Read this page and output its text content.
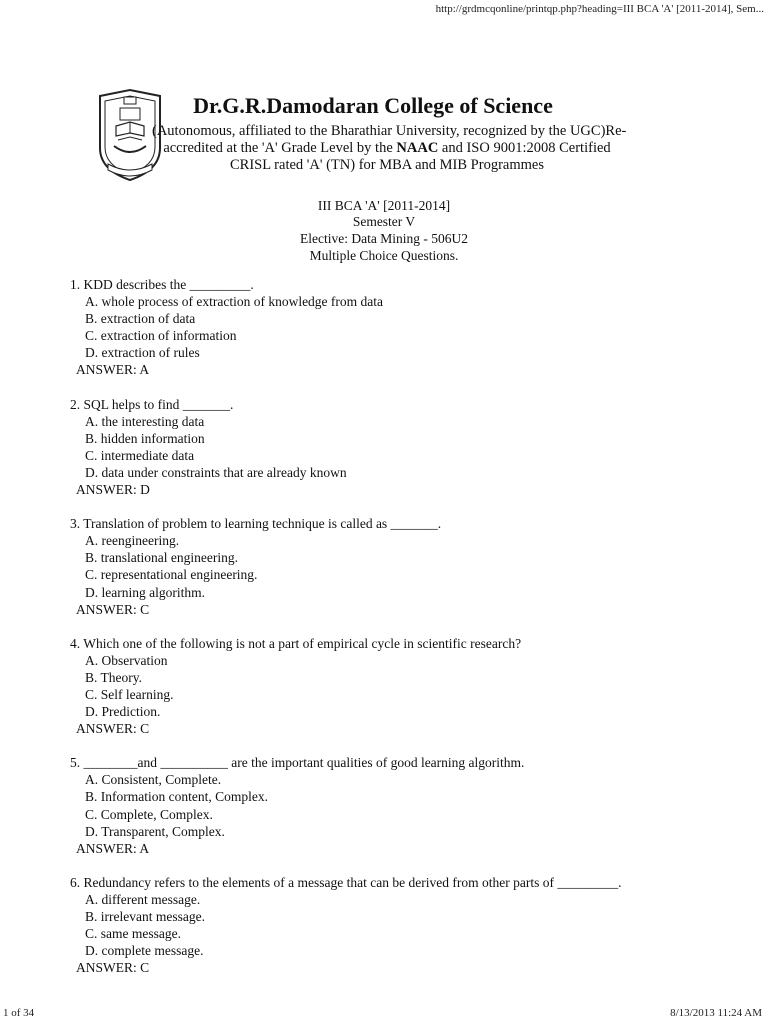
http://grdmcqonline/printqp.php?heading=III BCA 'A' [2011-2014], Sem...
Dr.G.R.Damodaran College of Science
(Autonomous, affiliated to the Bharathiar University, recognized by the UGC)Re-
accredited at the 'A' Grade Level by the NAAC and ISO 9001:2008 Certified
CRISL rated 'A' (TN) for MBA and MIB Programmes
III BCA 'A' [2011-2014]
Semester V
Elective: Data Mining - 506U2
Multiple Choice Questions.
1. KDD describes the _________.
A. whole process of extraction of knowledge from data
B. extraction of data
C. extraction of information
D. extraction of rules
ANSWER: A
2. SQL helps to find _______.
A. the interesting data
B. hidden information
C. intermediate data
D. data under constraints that are already known
ANSWER: D
3. Translation of problem to learning technique is called as _______.
A. reengineering.
B. translational engineering.
C. representational engineering.
D. learning algorithm.
ANSWER: C
4. Which one of the following is not a part of empirical cycle in scientific research?
A. Observation
B. Theory.
C. Self learning.
D. Prediction.
ANSWER: C
5. ________and __________ are the important qualities of good learning algorithm.
A. Consistent, Complete.
B. Information content, Complex.
C. Complete, Complex.
D. Transparent, Complex.
ANSWER: A
6. Redundancy refers to the elements of a message that can be derived from other parts of _________.
A. different message.
B. irrelevant message.
C. same message.
D. complete message.
ANSWER: C
1 of 34	8/13/2013 11:24 AM
